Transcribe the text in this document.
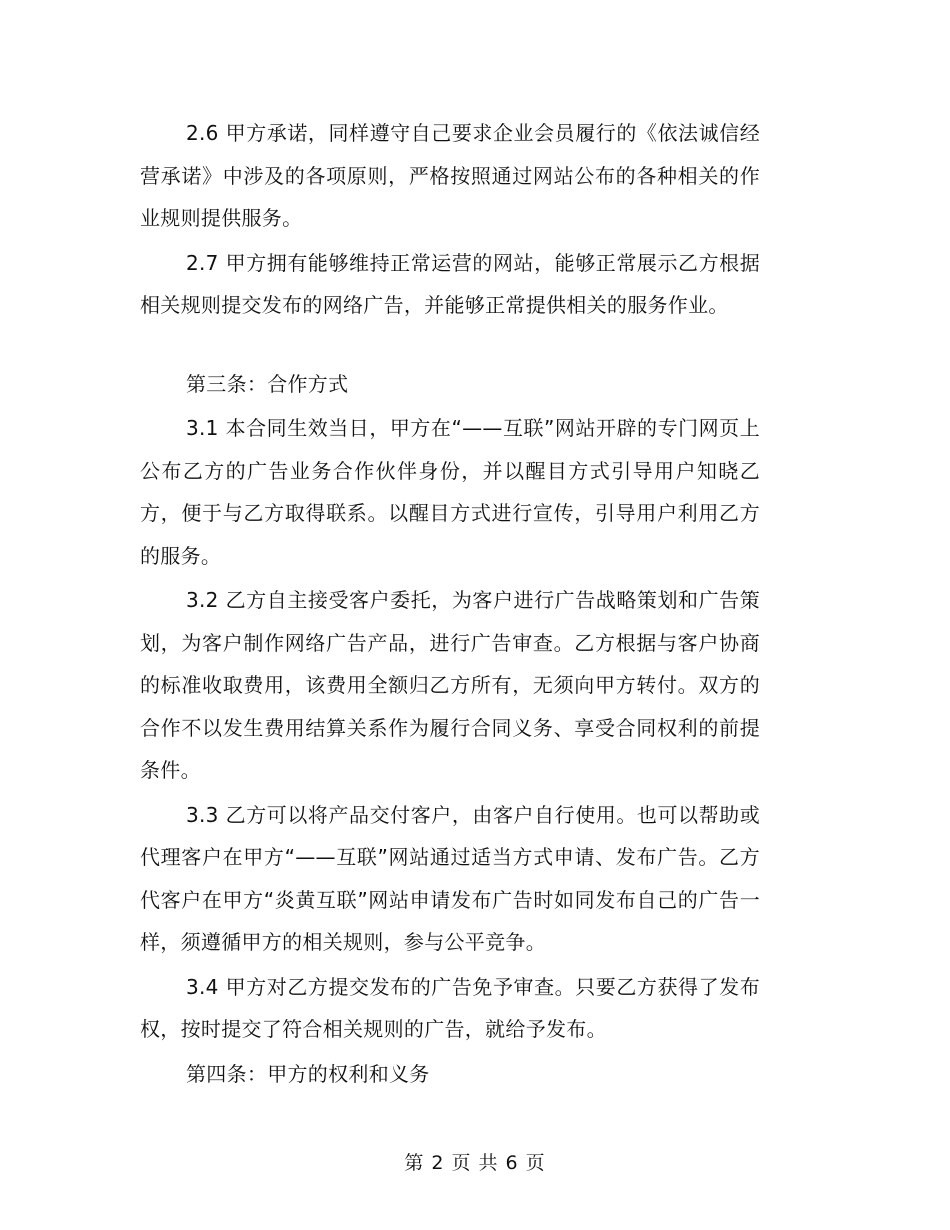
2.6 甲方承诺，同样遵守自己要求企业会员履行的《依法诚信经营承诺》中涉及的各项原则，严格按照通过网站公布的各种相关的作业规则提供服务。

2.7 甲方拥有能够维持正常运营的网站，能够正常展示乙方根据相关规则提交发布的网络广告，并能够正常提供相关的服务作业。

第三条：合作方式

3.1 本合同生效当日，甲方在“——互联”网站开辟的专门网页上公布乙方的广告业务合作伙伴身份，并以醒目方式引导用户知晓乙方，便于与乙方取得联系。以醒目方式进行宣传，引导用户利用乙方的服务。

3.2 乙方自主接受客户委托，为客户进行广告战略策划和广告策划，为客户制作网络广告产品，进行广告审查。乙方根据与客户协商的标准收取费用，该费用全额归乙方所有，无须向甲方转付。双方的合作不以发生费用结算关系作为履行合同义务、享受合同权利的前提条件。

3.3 乙方可以将产品交付客户，由客户自行使用。也可以帮助或代理客户在甲方“——互联”网站通过适当方式申请、发布广告。乙方代客户在甲方“炎黄互联”网站申请发布广告时如同发布自己的广告一样，须遵循甲方的相关规则，参与公平竞争。

3.4 甲方对乙方提交发布的广告免予审查。只要乙方获得了发布权，按时提交了符合相关规则的广告，就给予发布。

第四条：甲方的权利和义务

第 2 页 共 6 页
